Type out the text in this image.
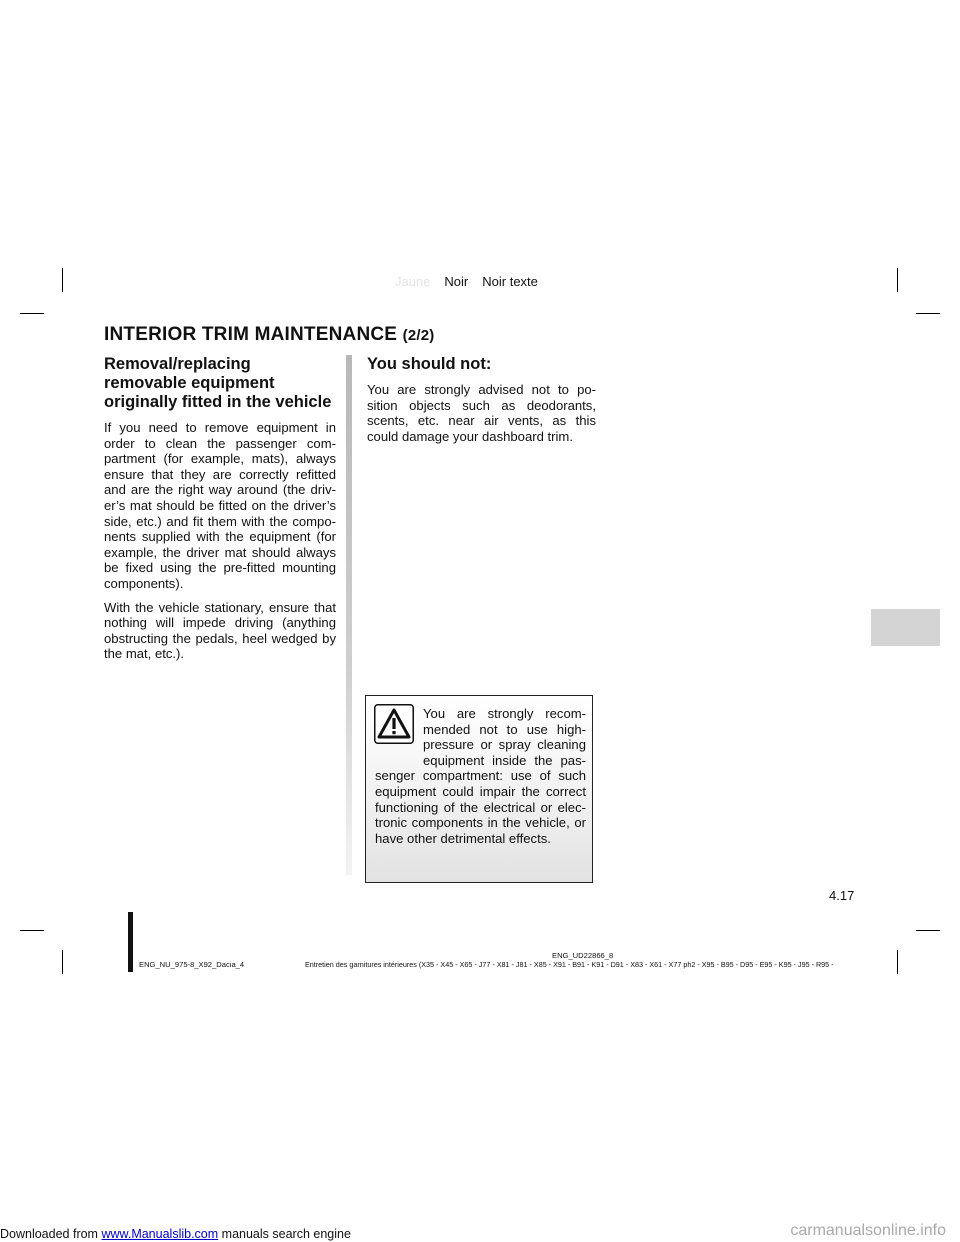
Jaune Noir Noir texte
INTERIOR TRIM MAINTENANCE (2/2)
Removal/replacing removable equipment originally fitted in the vehicle

If you need to remove equipment in order to clean the passenger com-partment (for example, mats), always ensure that they are correctly refitted and are the right way around (the driv-er’s mat should be fitted on the driver’s side, etc.) and fit them with the compo-nents supplied with the equipment (for example, the driver mat should always be fixed using the pre-fitted mounting components).

With the vehicle stationary, ensure that nothing will impede driving (anything obstructing the pedals, heel wedged by the mat, etc.).

You should not:

You are strongly advised not to po-sition objects such as deodorants, scents, etc. near air vents, as this could damage your dashboard trim.

You are strongly recom-mended not to use high-pressure or spray cleaning equipment inside the pas-senger compartment: use of such equipment could impair the correct functioning of the electrical or elec-tronic components in the vehicle, or have other detrimental effects.
4.17
ENG_UD22866_8
ENG_NU_975-8_X92_Dacia_4	Entretien des garnitures intérieures (X35 - X45 - X65 - J77 - X81 - J81 - X85 - X91 - B91 - K91 - D91 - X83 - X61 - X77 ph2 - X95 - B95 - D95 - E95 - K95 - J95 - R95 -
Downloaded from www.Manualslib.com manuals search engine	carmanualsonline.info
